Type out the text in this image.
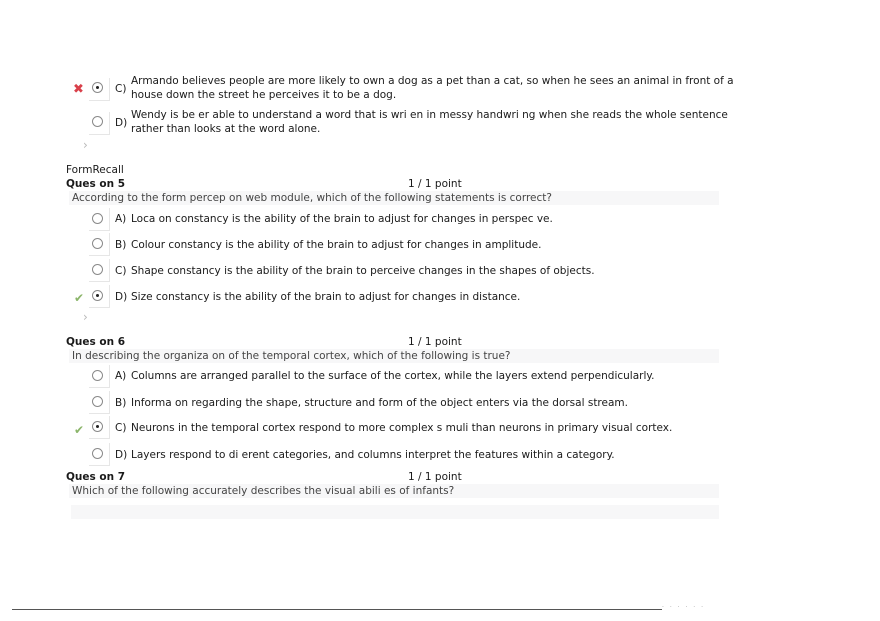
✖	C)
Armando believes people are more likely to own a dog as a pet than a cat, so when he sees an animal in front of a
house down the street he perceives it to be a dog.
D)
Wendy is be er able to understand a word that is wri en in messy handwri ng when she reads the whole sentence
rather than looks at the word alone.
›
FormRecall
Ques on 5	1 / 1 point
According to the form percep on web module, which of the following statements is correct?
A) Loca on constancy is the ability of the brain to adjust for changes in perspec ve.
B) Colour constancy is the ability of the brain to adjust for changes in amplitude.
C) Shape constancy is the ability of the brain to perceive changes in the shapes of objects.
✔	D) Size constancy is the ability of the brain to adjust for changes in distance.
›
Ques on 6	1 / 1 point
In describing the organiza on of the temporal cortex, which of the following is true?
A) Columns are arranged parallel to the surface of the cortex, while the layers extend perpendicularly.
B) Informa on regarding the shape, structure and form of the object enters via the dorsal stream.
✔	C) Neurons in the temporal cortex respond to more complex s muli than neurons in primary visual cortex.
D) Layers respond to di erent categories, and columns interpret the features within a category.
Ques on 7	1 / 1 point
Which of the following accurately describes the visual abili es of infants?
· · · · · ·
